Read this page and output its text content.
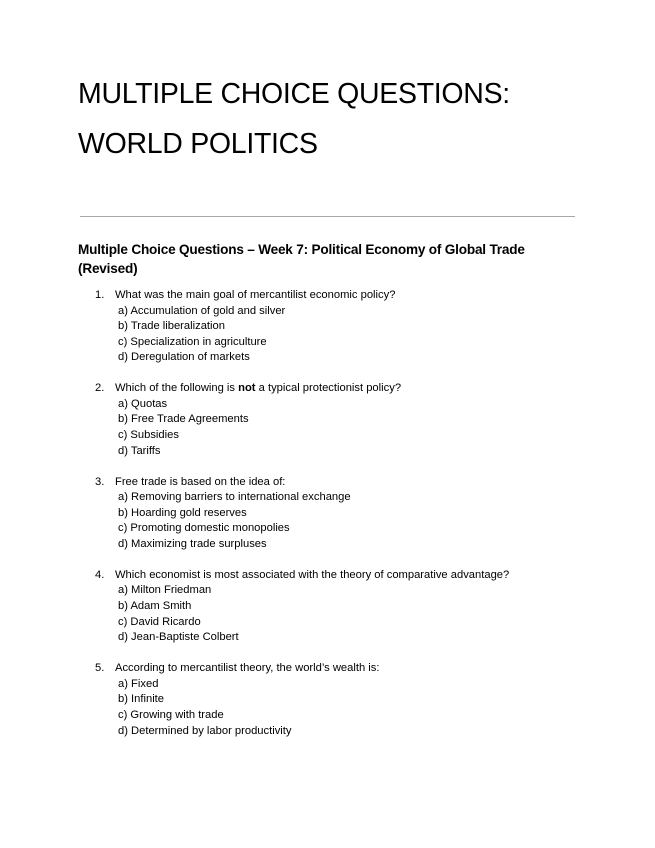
MULTIPLE CHOICE QUESTIONS:
WORLD POLITICS
Multiple Choice Questions – Week 7: Political Economy of Global Trade (Revised)
1. What was the main goal of mercantilist economic policy?
a) Accumulation of gold and silver
b) Trade liberalization
c) Specialization in agriculture
d) Deregulation of markets
2. Which of the following is not a typical protectionist policy?
a) Quotas
b) Free Trade Agreements
c) Subsidies
d) Tariffs
3. Free trade is based on the idea of:
a) Removing barriers to international exchange
b) Hoarding gold reserves
c) Promoting domestic monopolies
d) Maximizing trade surpluses
4. Which economist is most associated with the theory of comparative advantage?
a) Milton Friedman
b) Adam Smith
c) David Ricardo
d) Jean-Baptiste Colbert
5. According to mercantilist theory, the world’s wealth is:
a) Fixed
b) Infinite
c) Growing with trade
d) Determined by labor productivity
